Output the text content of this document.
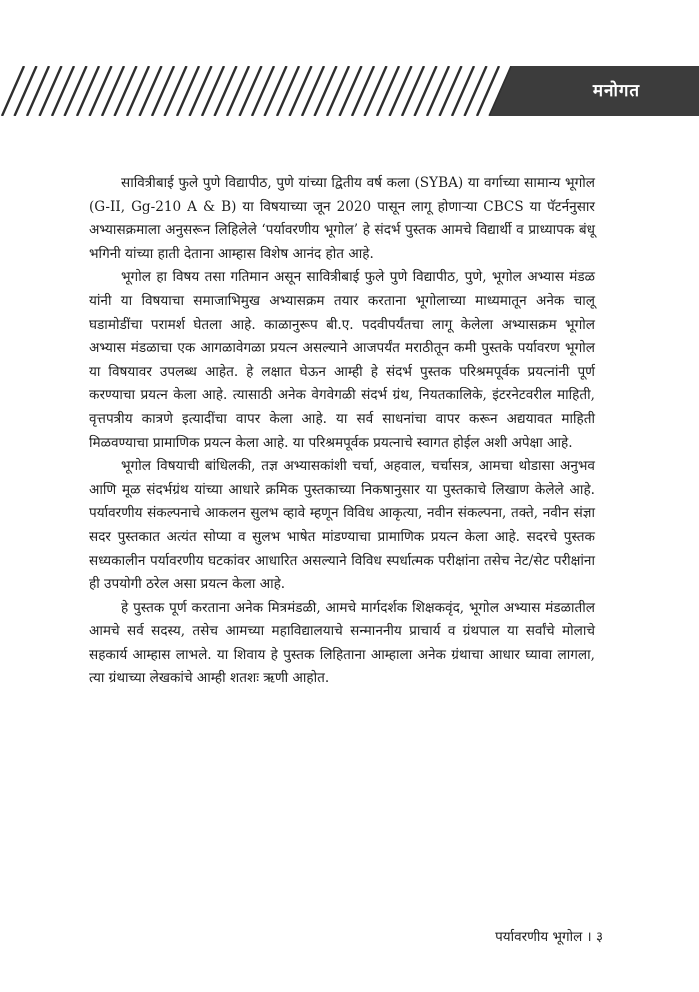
मनोगत

सावित्रीबाई फुले पुणे विद्यापीठ, पुणे यांच्या द्वितीय वर्ष कला (SYBA) या वर्गाच्या सामान्य भूगोल (G-II, Gg-210 A & B) या विषयाच्या जून 2020 पासून लागू होणाऱ्या CBCS या पॅटर्ननुसार अभ्यासक्रमाला अनुसरून लिहिलेले ‘पर्यावरणीय भूगोल’ हे संदर्भ पुस्तक आमचे विद्यार्थी व प्राध्यापक बंधू भगिनी यांच्या हाती देताना आम्हास विशेष आनंद होत आहे.

भूगोल हा विषय तसा गतिमान असून सावित्रीबाई फुले पुणे विद्यापीठ, पुणे, भूगोल अभ्यास मंडळ यांनी या विषयाचा समाजाभिमुख अभ्यासक्रम तयार करताना भूगोलाच्या माध्यमातून अनेक चालू घडामोडींचा परामर्श घेतला आहे. काळानुरूप बी.ए. पदवीपर्यंतचा लागू केलेला अभ्यासक्रम भूगोल अभ्यास मंडळाचा एक आगळावेगळा प्रयत्न असल्याने आजपर्यंत मराठीतून कमी पुस्तके पर्यावरण भूगोल या विषयावर उपलब्ध आहेत. हे लक्षात घेऊन आम्ही हे संदर्भ पुस्तक परिश्रमपूर्वक प्रयत्नांनी पूर्ण करण्याचा प्रयत्न केला आहे. त्यासाठी अनेक वेगवेगळी संदर्भ ग्रंथ, नियतकालिके, इंटरनेटवरील माहिती, वृत्तपत्रीय कात्रणे इत्यादींचा वापर केला आहे. या सर्व साधनांचा वापर करून अद्ययावत माहिती मिळवण्याचा प्रामाणिक प्रयत्न केला आहे. या परिश्रमपूर्वक प्रयत्नाचे स्वागत होईल अशी अपेक्षा आहे.

भूगोल विषयाची बांधिलकी, तज्ञ अभ्यासकांशी चर्चा, अहवाल, चर्चासत्र, आमचा थोडासा अनुभव आणि मूळ संदर्भग्रंथ यांच्या आधारे क्रमिक पुस्तकाच्या निकषानुसार या पुस्तकाचे लिखाण केलेले आहे. पर्यावरणीय संकल्पनाचे आकलन सुलभ व्हावे म्हणून विविध आकृत्या, नवीन संकल्पना, तक्ते, नवीन संज्ञा सदर पुस्तकात अत्यंत सोप्या व सुलभ भाषेत मांडण्याचा प्रामाणिक प्रयत्न केला आहे. सदरचे पुस्तक सध्यकालीन पर्यावरणीय घटकांवर आधारित असल्याने विविध स्पर्धात्मक परीक्षांना तसेच नेट/सेट परीक्षांना ही उपयोगी ठरेल असा प्रयत्न केला आहे.

हे पुस्तक पूर्ण करताना अनेक मित्रमंडळी, आमचे मार्गदर्शक शिक्षकवृंद, भूगोल अभ्यास मंडळातील आमचे सर्व सदस्य, तसेच आमच्या महाविद्यालयाचे सन्माननीय प्राचार्य व ग्रंथपाल या सर्वांचे मोलाचे सहकार्य आम्हास लाभले. या शिवाय हे पुस्तक लिहिताना आम्हाला अनेक ग्रंथाचा आधार घ्यावा लागला, त्या ग्रंथाच्या लेखकांचे आम्ही शतशः ऋणी आहोत.

पर्यावरणीय भूगोल । ३
